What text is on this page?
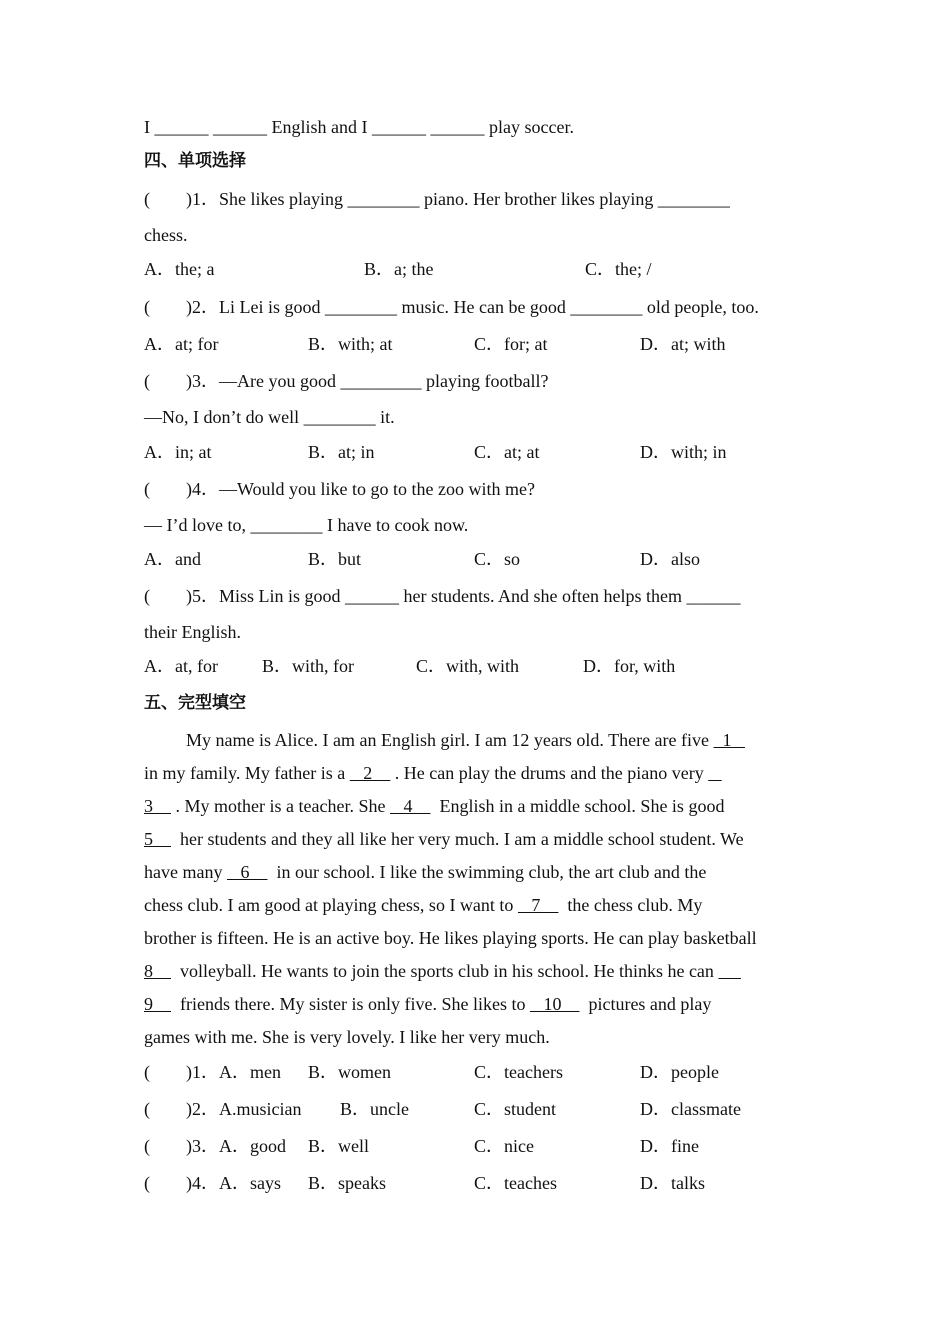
I ______ ______ English and I ______ ______ play soccer.
四、单项选择
(        )1．She likes playing ________ piano. Her brother likes playing ________
chess.
A．the; a	B．a; the	C．the; /
(        )2．Li Lei is good ________ music. He can be good ________ old people, too.
A．at; for	B．with; at	C．for; at	D．at; with
(        )3．—Are you good _________ playing football?
—No, I don’t do well ________ it.
A．in; at	B．at; in	C．at; at	D．with; in
(        )4．—Would you like to go to the zoo with me?
— I’d love to, ________ I have to cook now.
A．and	B．but	C．so	D．also
(        )5．Miss Lin is good ______ her students. And she often helps them ______
their English.
A．at, for B．with, for	C．with, with	D．for, with
五、完型填空
My name is Alice. I am an English girl. I am 12 years old. There are five   1
in my family. My father is a    2     . He can play the drums and the piano very
3     . My mother is a teacher. She    4      English in a middle school. She is good
5      her students and they all like her very much. I am a middle school student. We
have many    6      in our school. I like the swimming club, the art club and the
chess club. I am good at playing chess, so I want to    7      the chess club. My
brother is fifteen. He is an active boy. He likes playing sports. He can play basketball
8      volleyball. He wants to join the sports club in his school. He thinks he can
9      friends there. My sister is only five. She likes to    10      pictures and play
games with me. She is very lovely. I like her very much.
(        )1．A．men B．women	C．teachers	D．people
(        )2．A.musician B．uncle	C．student	D．classmate
(        )3．A．good B．well	C．nice	D．fine
(        )4．A．says B．speaks	C．teaches	D．talks
